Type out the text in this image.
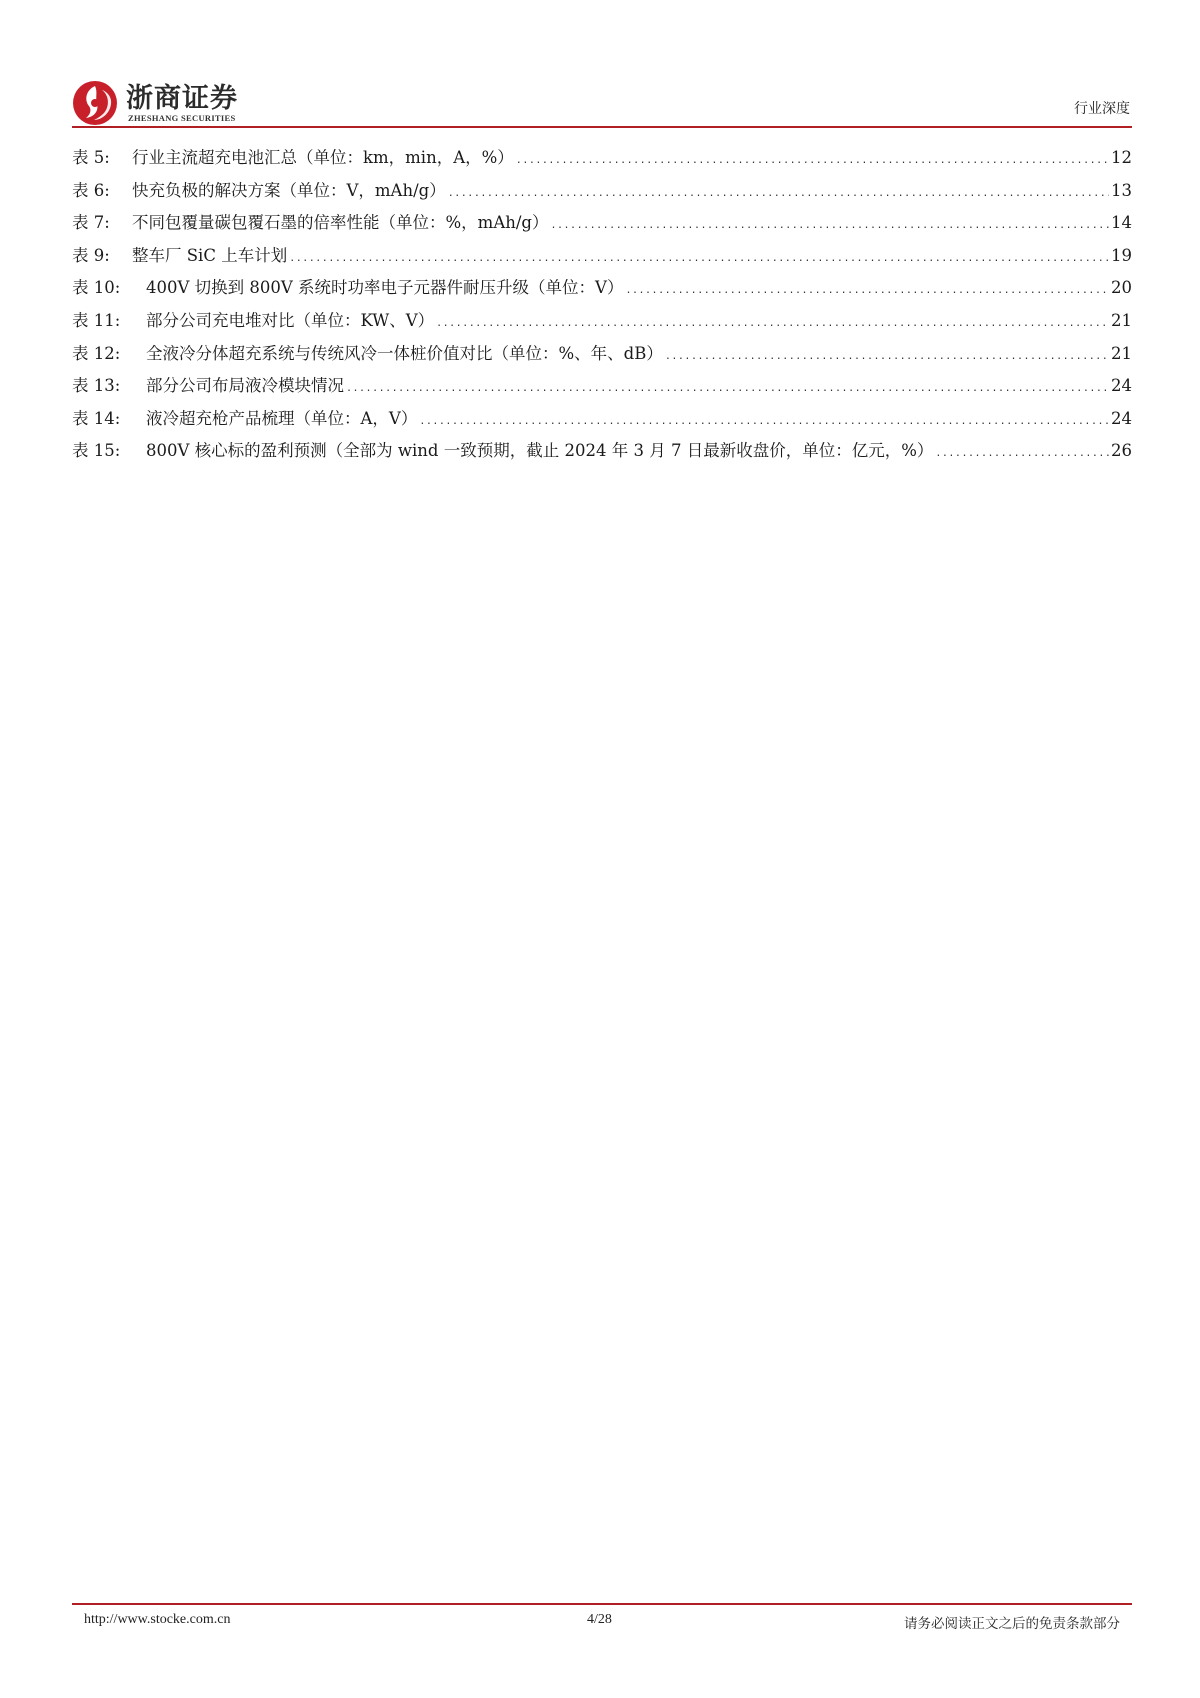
浙商证券
ZHESHANG SECURITIES
行业深度
表 5:	行业主流超充电池汇总（单位：km，min，A，%） .....	12
表 6:	快充负极的解决方案（单位：V，mAh/g） .....	13
表 7:	不同包覆量碳包覆石墨的倍率性能（单位：%，mAh/g） .....	14
表 9:	整车厂 SiC 上车计划 .....	19
表 10:	400V 切换到 800V 系统时功率电子元器件耐压升级（单位：V） .....	20
表 11:	部分公司充电堆对比（单位：KW、V） .....	21
表 12:	全液冷分体超充系统与传统风冷一体桩价值对比（单位：%、年、dB） .....	21
表 13:	部分公司布局液冷模块情况 .....	24
表 14:	液冷超充枪产品梳理（单位：A，V） .....	24
表 15:	800V 核心标的盈利预测（全部为 wind 一致预期，截止 2024 年 3 月 7 日最新收盘价，单位：亿元，%） .....	26
http://www.stocke.com.cn	4/28	请务必阅读正文之后的免责条款部分
